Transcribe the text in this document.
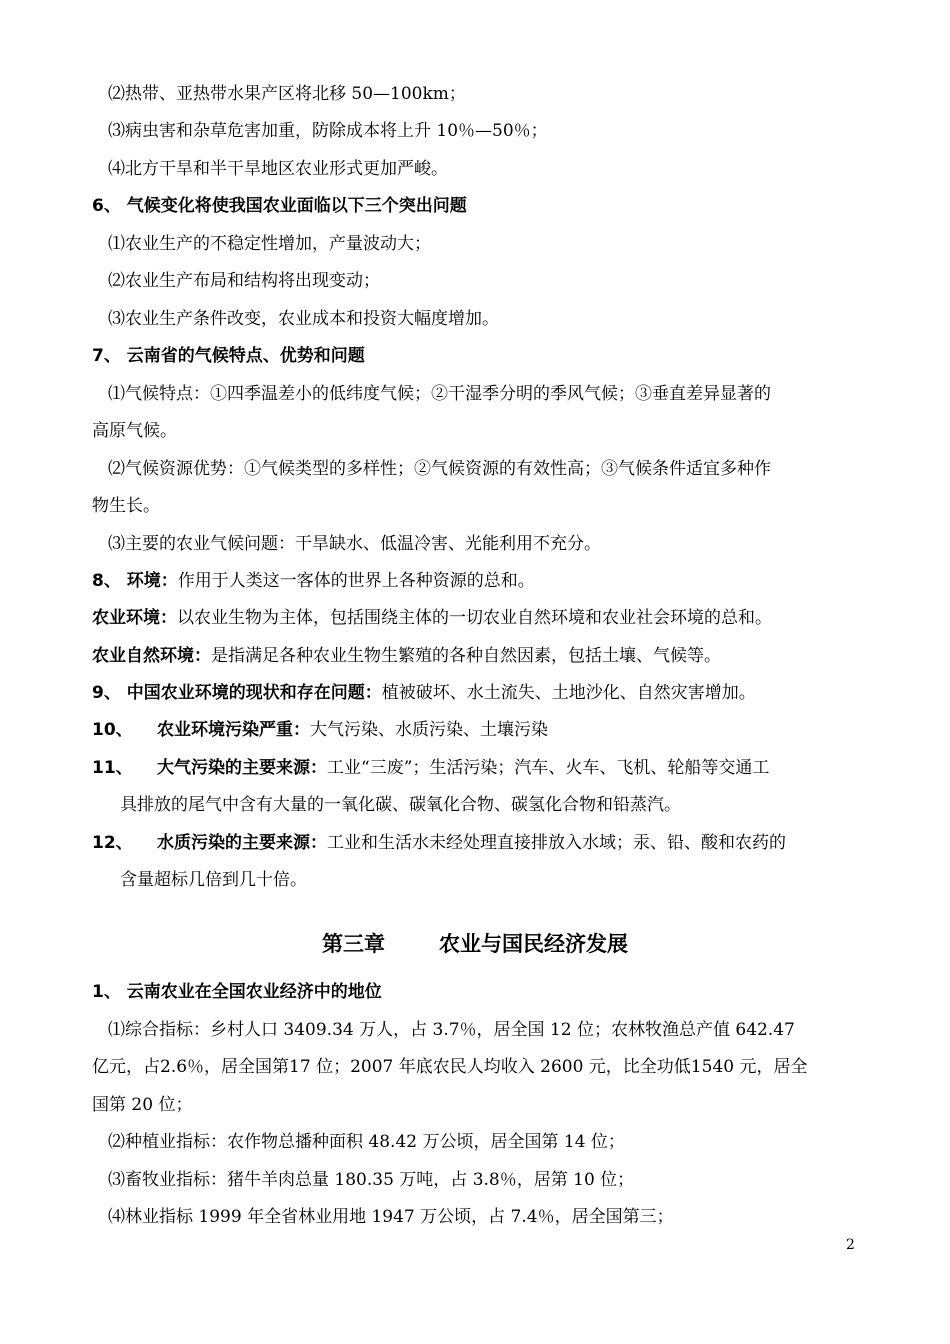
⑵热带、亚热带水果产区将北移 50—100km；
⑶病虫害和杂草危害加重，防除成本将上升 10％—50％；
⑷北方干旱和半干旱地区农业形式更加严峻。
6、 气候变化将使我国农业面临以下三个突出问题
⑴农业生产的不稳定性增加，产量波动大；
⑵农业生产布局和结构将出现变动；
⑶农业生产条件改变，农业成本和投资大幅度增加。
7、 云南省的气候特点、优势和问题
⑴气候特点：①四季温差小的低纬度气候；②干湿季分明的季风气候；③垂直差异显著的
高原气候。
⑵气候资源优势：①气候类型的多样性；②气候资源的有效性高；③气候条件适宜多种作
物生长。
⑶主要的农业气候问题：干旱缺水、低温冷害、光能利用不充分。
8、 环境：作用于人类这一客体的世界上各种资源的总和。
农业环境：以农业生物为主体，包括围绕主体的一切农业自然环境和农业社会环境的总和。
农业自然环境：是指满足各种农业生物生繁殖的各种自然因素，包括土壤、气候等。
9、 中国农业环境的现状和存在问题：植被破坏、水土流失、土地沙化、自然灾害增加。
10、 农业环境污染严重：大气污染、水质污染、土壤污染
11、 大气污染的主要来源：工业“三废”；生活污染；汽车、火车、飞机、轮船等交通工
具排放的尾气中含有大量的一氧化碳、碳氧化合物、碳氢化合物和铅蒸汽。
12、 水质污染的主要来源：工业和生活水未经处理直接排放入水域；汞、铅、酸和农药的
含量超标几倍到几十倍。
第三章	农业与国民经济发展
1、 云南农业在全国农业经济中的地位
⑴综合指标：乡村人口 3409.34 万人，占 3.7％，居全国 12 位；农林牧渔总产值 642.47
亿元，占2.6％，居全国第17 位；2007 年底农民人均收入 2600 元，比全功低1540 元，居全
国第 20 位；
⑵种植业指标：农作物总播种面积 48.42 万公顷，居全国第 14 位；
⑶畜牧业指标：猪牛羊肉总量 180.35 万吨，占 3.8％，居第 10 位；
⑷林业指标 1999 年全省林业用地 1947 万公顷，占 7.4％，居全国第三；
2
